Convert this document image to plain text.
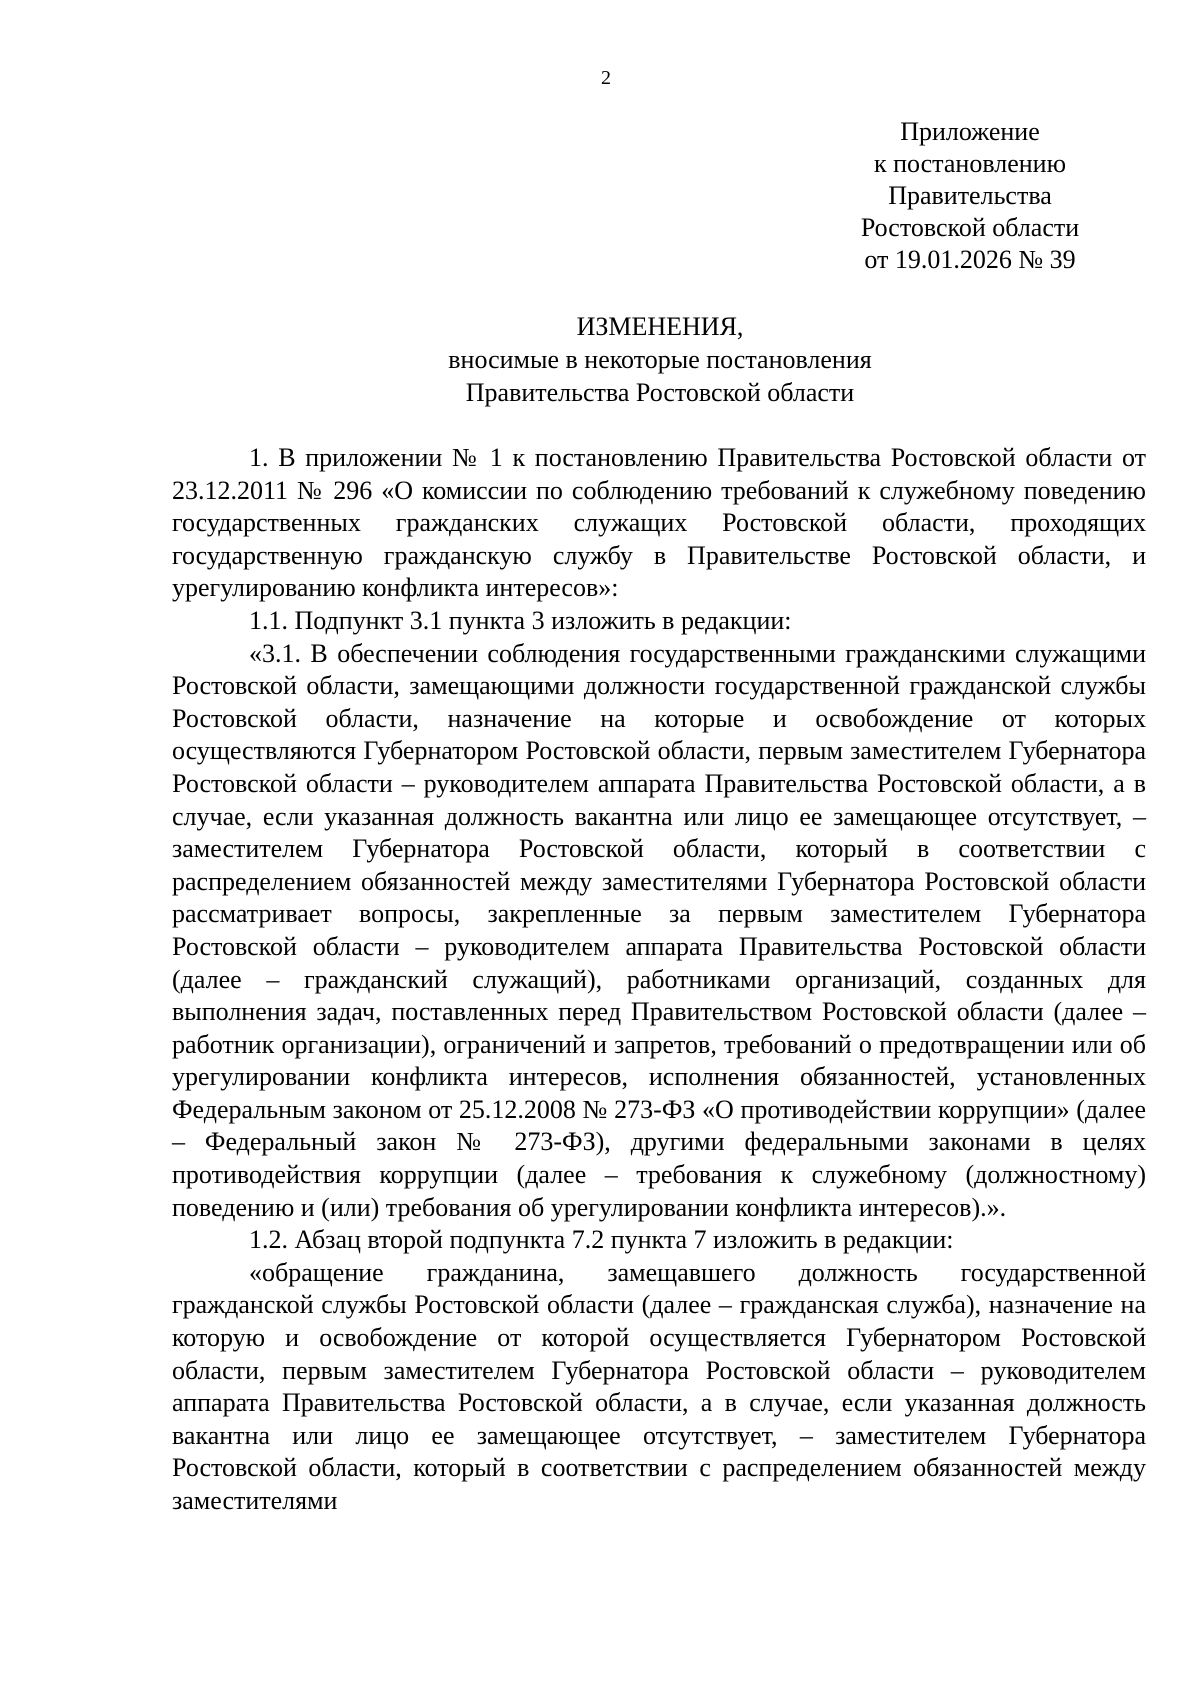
2
Приложение
к постановлению
Правительства
Ростовской области
от 19.01.2026 № 39
ИЗМЕНЕНИЯ,
вносимые в некоторые постановления
Правительства Ростовской области

1. В приложении № 1 к постановлению Правительства Ростовской области от 23.12.2011 № 296 «О комиссии по соблюдению требований к служебному поведению государственных гражданских служащих Ростовской области, проходящих государственную гражданскую службу в Правительстве Ростовской области, и урегулированию конфликта интересов»:

1.1. Подпункт 3.1 пункта 3 изложить в редакции:

«3.1. В обеспечении соблюдения государственными гражданскими служащими Ростовской области, замещающими должности государственной гражданской службы Ростовской области, назначение на которые и освобождение от которых осуществляются Губернатором Ростовской области, первым заместителем Губернатора Ростовской области – руководителем аппарата Правительства Ростовской области, а в случае, если указанная должность вакантна или лицо ее замещающее отсутствует, – заместителем Губернатора Ростовской области, который в соответствии с распределением обязанностей между заместителями Губернатора Ростовской области рассматривает вопросы, закрепленные за первым заместителем Губернатора Ростовской области – руководителем аппарата Правительства Ростовской области (далее – гражданский служащий), работниками организаций, созданных для выполнения задач, поставленных перед Правительством Ростовской области (далее – работник организации), ограничений и запретов, требований о предотвращении или об урегулировании конфликта интересов, исполнения обязанностей, установленных Федеральным законом от 25.12.2008 № 273-ФЗ «О противодействии коррупции» (далее – Федеральный закон № 273-ФЗ), другими федеральными законами в целях противодействия коррупции (далее – требования к служебному (должностному) поведению и (или) требования об урегулировании конфликта интересов).».

1.2. Абзац второй подпункта 7.2 пункта 7 изложить в редакции:

«обращение гражданина, замещавшего должность государственной гражданской службы Ростовской области (далее – гражданская служба), назначение на которую и освобождение от которой осуществляется Губернатором Ростовской области, первым заместителем Губернатора Ростовской области – руководителем аппарата Правительства Ростовской области, а в случае, если указанная должность вакантна или лицо ее замещающее отсутствует, – заместителем Губернатора Ростовской области, который в соответствии с распределением обязанностей между заместителями
